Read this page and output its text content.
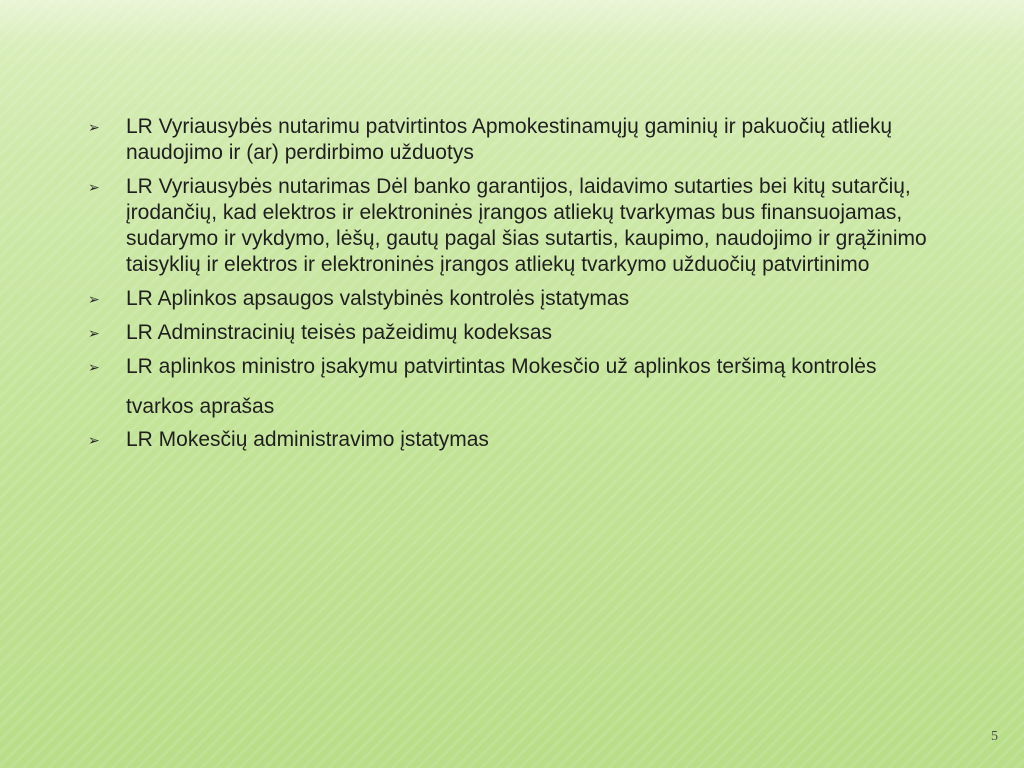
➢ LR Vyriausybės nutarimu patvirtintos Apmokestinamųjų gaminių ir pakuočių atliekų naudojimo ir (ar) perdirbimo užduotys
➢ LR Vyriausybės nutarimas Dėl banko garantijos, laidavimo sutarties bei kitų sutarčių, įrodančių, kad elektros ir elektroninės įrangos atliekų tvarkymas bus finansuojamas, sudarymo ir vykdymo, lėšų, gautų pagal šias sutartis, kaupimo, naudojimo ir grąžinimo taisyklių ir elektros ir elektroninės įrangos atliekų tvarkymo užduočių patvirtinimo
➢ LR Aplinkos apsaugos valstybinės kontrolės įstatymas
➢ LR Adminstracinių teisės pažeidimų kodeksas
➢ LR aplinkos ministro įsakymu patvirtintas Mokesčio už aplinkos teršimą kontrolės tvarkos aprašas
➢ LR Mokesčių administravimo įstatymas
5
